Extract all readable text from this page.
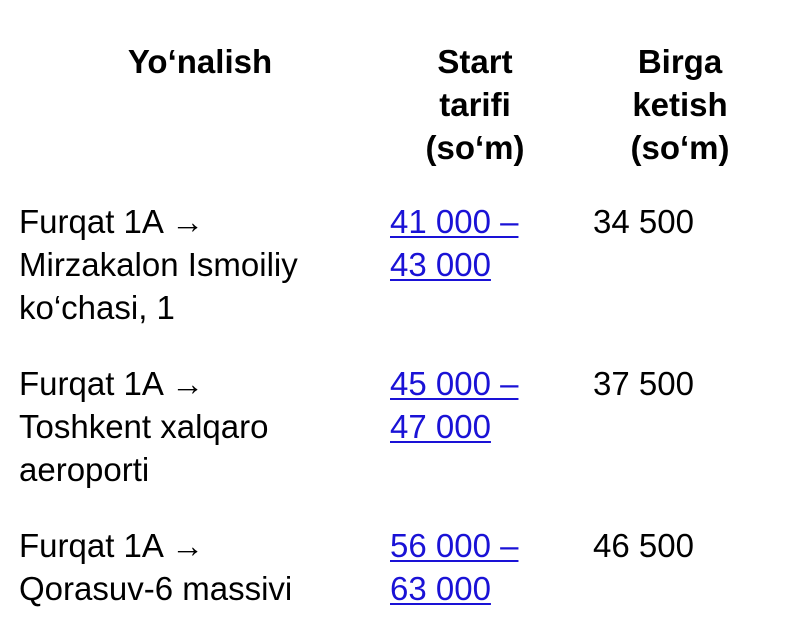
Yo‘nalish	Start
tarifi
(so‘m)
Birga
ketish
(so‘m)
Furqat 1A →
Mirzakalon Ismoiliy
ko‘chasi, 1
41 000 –
43 000
34 500
Furqat 1A →
Toshkent xalqaro
aeroporti
45 000 –
47 000
37 500
Furqat 1A →
Qorasuv-6 massivi
56 000 –
63 000
46 500
